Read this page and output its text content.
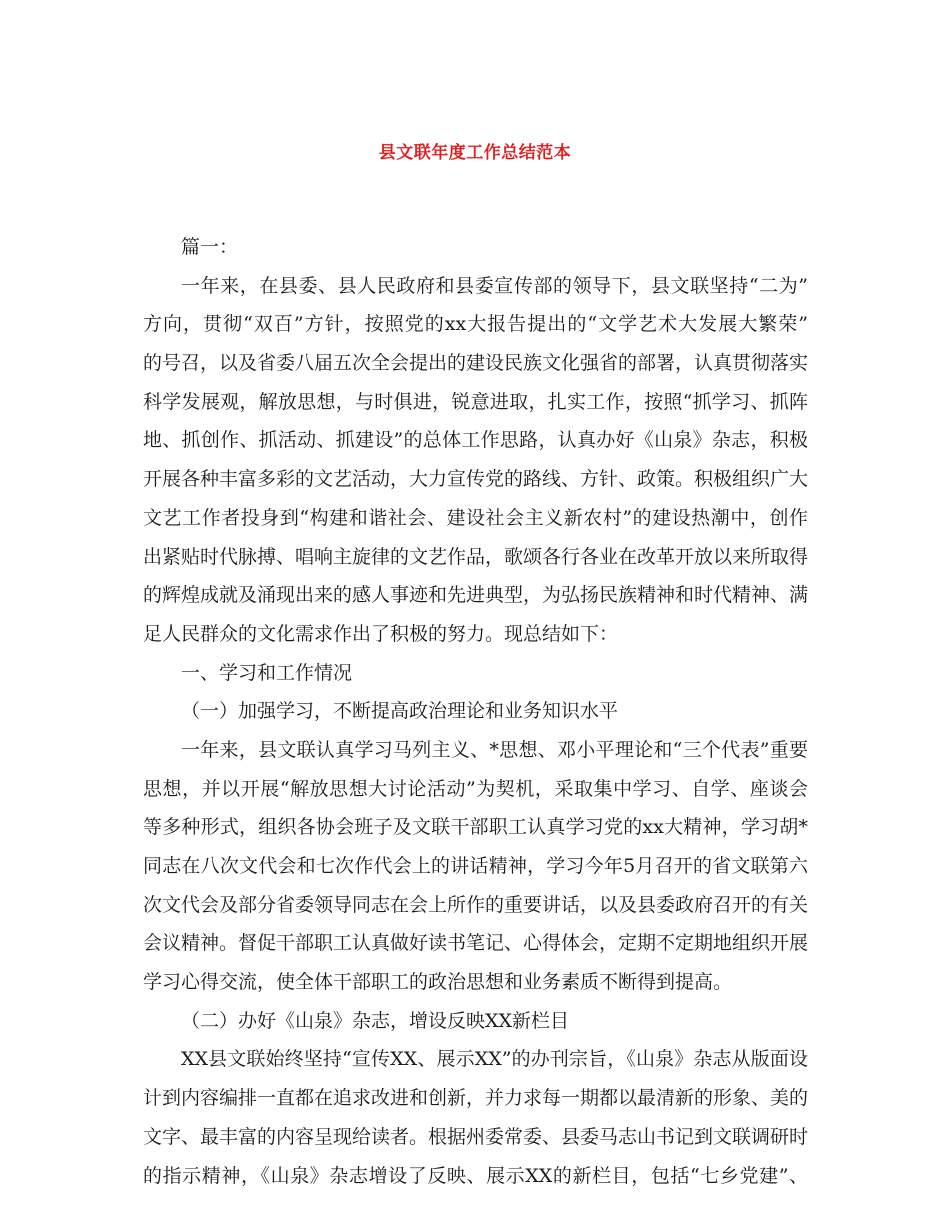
县文联年度工作总结范本
篇一：
一年来，在县委、县人民政府和县委宣传部的领导下，县文联坚持“二为”
方向，贯彻“双百”方针，按照党的xx大报告提出的“文学艺术大发展大繁荣”
的号召，以及省委八届五次全会提出的建设民族文化强省的部署，认真贯彻落实
科学发展观，解放思想，与时俱进，锐意进取，扎实工作，按照“抓学习、抓阵
地、抓创作、抓活动、抓建设”的总体工作思路，认真办好《山泉》杂志，积极
开展各种丰富多彩的文艺活动，大力宣传党的路线、方针、政策。积极组织广大
文艺工作者投身到“构建和谐社会、建设社会主义新农村”的建设热潮中，创作
出紧贴时代脉搏、唱响主旋律的文艺作品，歌颂各行各业在改革开放以来所取得
的辉煌成就及涌现出来的感人事迹和先进典型，为弘扬民族精神和时代精神、满
足人民群众的文化需求作出了积极的努力。现总结如下：
一、学习和工作情况
（一）加强学习，不断提高政治理论和业务知识水平
一年来，县文联认真学习马列主义、*思想、邓小平理论和“三个代表”重要
思想，并以开展“解放思想大讨论活动”为契机，采取集中学习、自学、座谈会
等多种形式，组织各协会班子及文联干部职工认真学习党的xx大精神，学习胡*
同志在八次文代会和七次作代会上的讲话精神，学习今年5月召开的省文联第六
次文代会及部分省委领导同志在会上所作的重要讲话，以及县委政府召开的有关
会议精神。督促干部职工认真做好读书笔记、心得体会，定期不定期地组织开展
学习心得交流，使全体干部职工的政治思想和业务素质不断得到提高。
（二）办好《山泉》杂志，增设反映XX新栏目
XX县文联始终坚持“宣传XX、展示XX”的办刊宗旨，《山泉》杂志从版面设
计到内容编排一直都在追求改进和创新，并力求每一期都以最清新的形象、美的
文字、最丰富的内容呈现给读者。根据州委常委、县委马志山书记到文联调研时
的指示精神，《山泉》杂志增设了反映、展示XX的新栏目，包括“七乡党建”、
